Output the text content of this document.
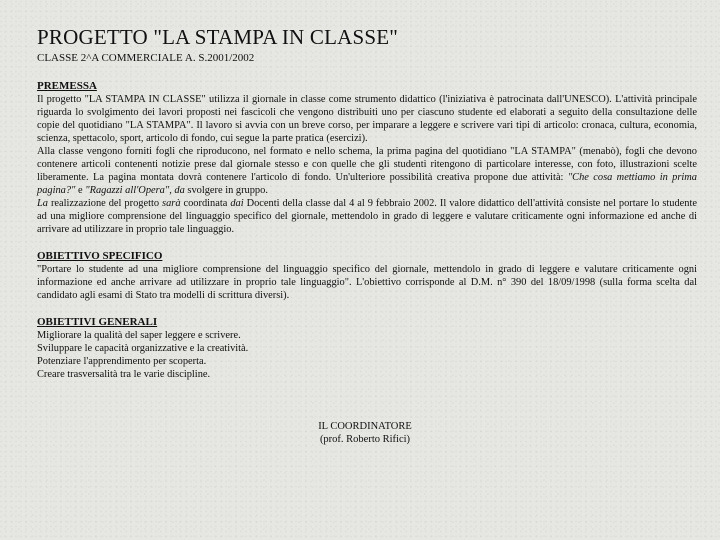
PROGETTO "LA STAMPA IN CLASSE"

CLASSE 2^A COMMERCIALE A. S.2001/2002

PREMESSA

Il progetto "LA STAMPA IN CLASSE" utilizza il giornale in classe come strumento didattico (l'iniziativa è patrocinata dall'UNESCO). L'attività principale riguarda lo svolgimento dei lavori proposti nei fascicoli che vengono distribuiti uno per ciascuno studente ed elaborati a seguito della consultazione delle copie del quotidiano "LA STAMPA". Il lavoro si avvia con un breve corso, per imparare a leggere e scrivere vari tipi di articolo: cronaca, cultura, economia, scienza, spettacolo, sport, articolo di fondo, cui segue la parte pratica (esercizi).

Alla classe vengono forniti fogli che riproducono, nel formato e nello schema, la prima pagina del quotidiano "LA STAMPA" (menabò), fogli che devono contenere articoli contenenti notizie prese dal giornale stesso e con quelle che gli studenti ritengono di particolare interesse, con foto, illustrazioni scelte liberamente. La pagina montata dovrà contenere l'articolo di fondo. Un'ulteriore possibilità creativa propone due attività: "Che cosa mettiamo in prima pagina?" e "Ragazzi all'Opera", da svolgere in gruppo.

La realizzazione del progetto sarà coordinata dai Docenti della classe dal 4 al 9 febbraio 2002. Il valore didattico dell'attività consiste nel portare lo studente ad una migliore comprensione del linguaggio specifico del giornale, mettendolo in grado di leggere e valutare criticamente ogni informazione ed anche di arrivare ad utilizzare in proprio tale linguaggio.

OBIETTIVO SPECIFICO

"Portare lo studente ad una migliore comprensione del linguaggio specifico del giornale, mettendolo in grado di leggere e valutare criticamente ogni informazione ed anche arrivare ad utilizzare in proprio tale linguaggio". L'obiettivo corrisponde al D.M. n° 390 del 18/09/1998 (sulla forma scelta dal candidato agli esami di Stato tra modelli di scrittura diversi).

OBIETTIVI GENERALI

Migliorare la qualità del saper leggere e scrivere.

Sviluppare le capacità organizzative e la creatività.

Potenziare l'apprendimento per scoperta.

Creare trasversalità tra le varie discipline.

IL COORDINATORE
(prof. Roberto Rifici)
